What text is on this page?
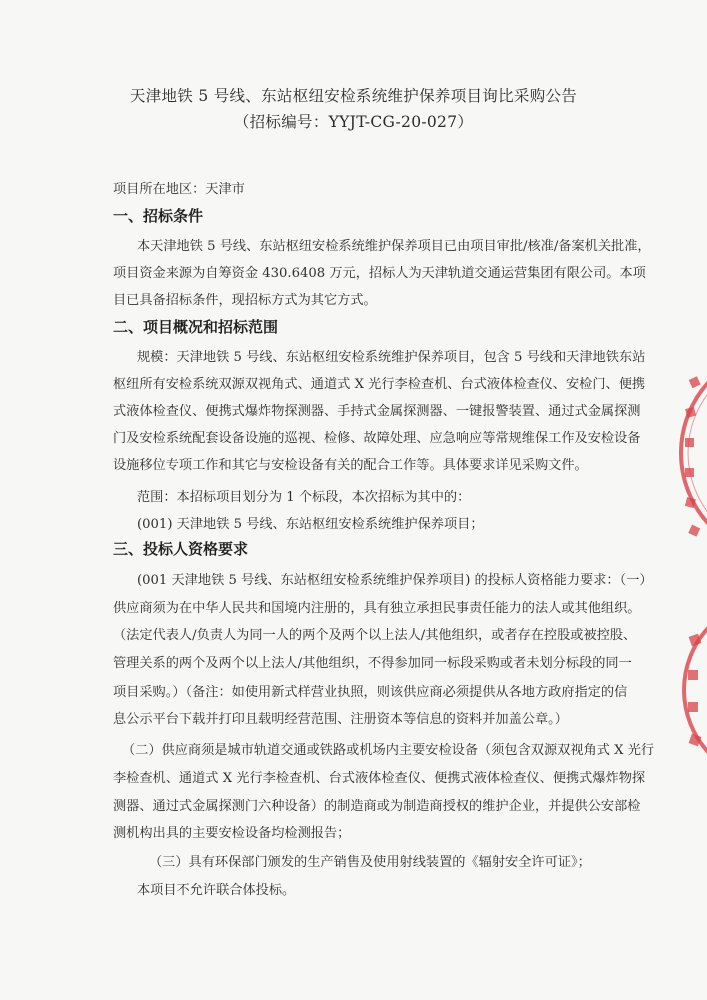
天津地铁 5 号线、东站枢纽安检系统维护保养项目询比采购公告
（招标编号：YYJT-CG-20-027）
项目所在地区：天津市
一、招标条件
本天津地铁 5 号线、东站枢纽安检系统维护保养项目已由项目审批/核准/备案机关批准，
项目资金来源为自筹资金 430.6408 万元，招标人为天津轨道交通运营集团有限公司。本项
目已具备招标条件，现招标方式为其它方式。
二、项目概况和招标范围
规模：天津地铁 5 号线、东站枢纽安检系统维护保养项目，包含 5 号线和天津地铁东站
枢纽所有安检系统双源双视角式、通道式 X 光行李检查机、台式液体检查仪、安检门、便携
式液体检查仪、便携式爆炸物探测器、手持式金属探测器、一键报警装置、通过式金属探测
门及安检系统配套设备设施的巡视、检修、故障处理、应急响应等常规维保工作及安检设备
设施移位专项工作和其它与安检设备有关的配合工作等。具体要求详见采购文件。
范围：本招标项目划分为 1 个标段，本次招标为其中的：
(001) 天津地铁 5 号线、东站枢纽安检系统维护保养项目；
三、投标人资格要求
(001 天津地铁 5 号线、东站枢纽安检系统维护保养项目) 的投标人资格能力要求：（一）
供应商须为在中华人民共和国境内注册的，具有独立承担民事责任能力的法人或其他组织。
（法定代表人/负责人为同一人的两个及两个以上法人/其他组织，或者存在控股或被控股、
管理关系的两个及两个以上法人/其他组织，不得参加同一标段采购或者未划分标段的同一
项目采购。）（备注：如使用新式样营业执照，则该供应商必须提供从各地方政府指定的信
息公示平台下载并打印且载明经营范围、注册资本等信息的资料并加盖公章。）
（二）供应商须是城市轨道交通或铁路或机场内主要安检设备（须包含双源双视角式 X 光行
李检查机、通道式 X 光行李检查机、台式液体检查仪、便携式液体检查仪、便携式爆炸物探
测器、通过式金属探测门六种设备）的制造商或为制造商授权的维护企业，并提供公安部检
测机构出具的主要安检设备均检测报告；
（三）具有环保部门颁发的生产销售及使用射线装置的《辐射安全许可证》；
本项目不允许联合体投标。
